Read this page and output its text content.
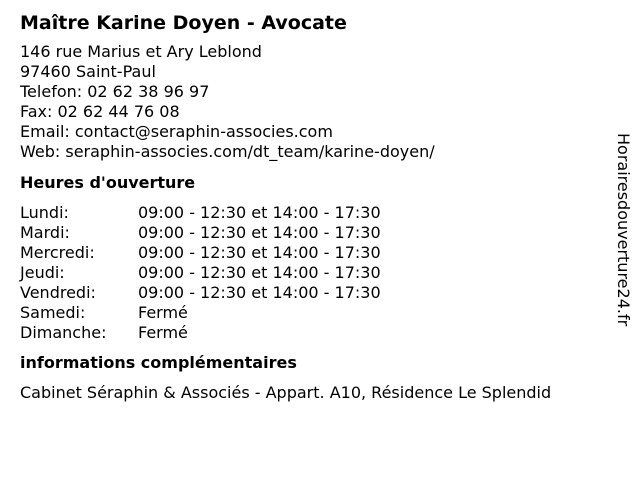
Maître Karine Doyen - Avocate
146 rue Marius et Ary Leblond
97460 Saint-Paul
Telefon: 02 62 38 96 97
Fax: 02 62 44 76 08
Email: contact@seraphin-associes.com
Web: seraphin-associes.com/dt_team/karine-doyen/
Heures d'ouverture
Lundi:	09:00 - 12:30 et 14:00 - 17:30
Mardi:	09:00 - 12:30 et 14:00 - 17:30
Mercredi:	09:00 - 12:30 et 14:00 - 17:30
Jeudi:	09:00 - 12:30 et 14:00 - 17:30
Vendredi:	09:00 - 12:30 et 14:00 - 17:30
Samedi:	Fermé
Dimanche:	Fermé
informations complémentaires
Cabinet Séraphin & Associés - Appart. A10, Résidence Le Splendid
Horairesdouverture24.fr
